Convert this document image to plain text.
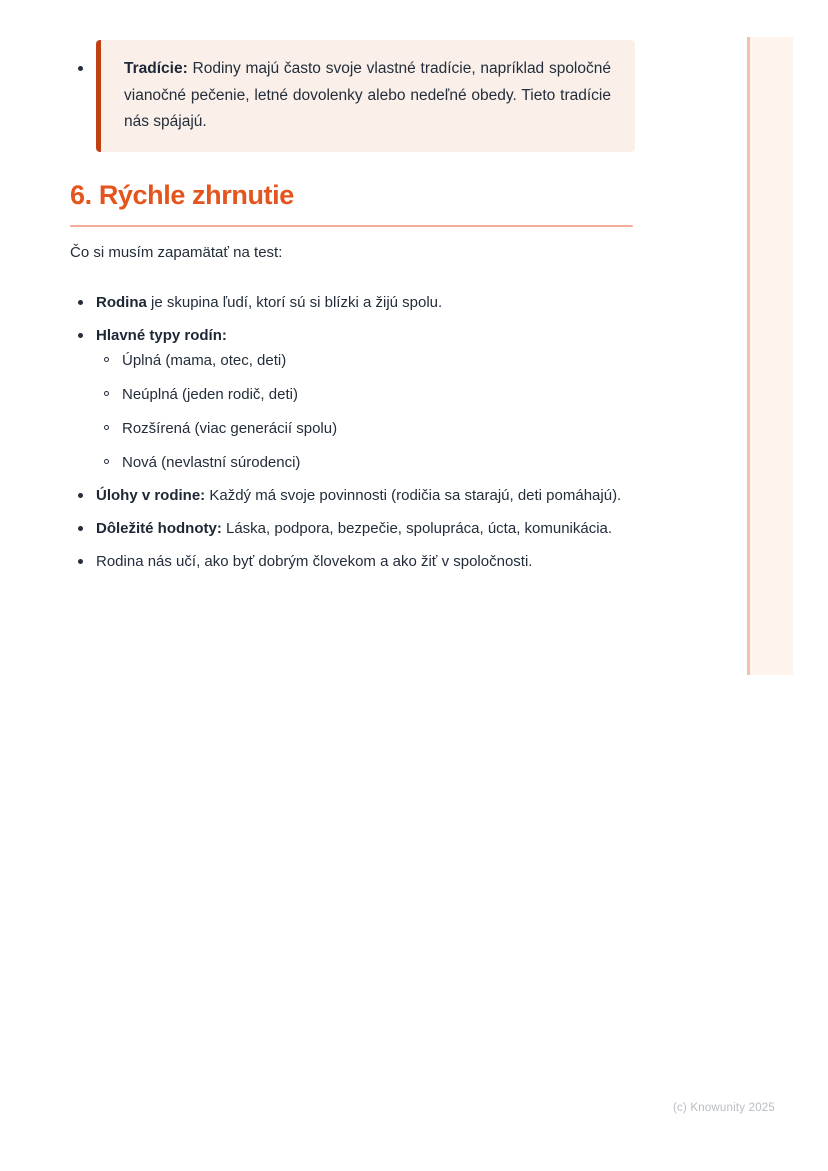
Tradície: Rodiny majú často svoje vlastné tradície, napríklad spoločné vianočné pečenie, letné dovolenky alebo nedeľné obedy. Tieto tradície nás spájajú.
6. Rýchle zhrnutie

Čo si musím zapamätať na test:

Rodina je skupina ľudí, ktorí sú si blízki a žijú spolu.
Hlavné typy rodín:
Úplná (mama, otec, deti)
Neúplná (jeden rodič, deti)
Rozšírená (viac generácií spolu)
Nová (nevlastní súrodenci)
Úlohy v rodine: Každý má svoje povinnosti (rodičia sa starajú, deti pomáhajú).
Dôležité hodnoty: Láska, podpora, bezpečie, spolupráca, úcta, komunikácia.
Rodina nás učí, ako byť dobrým človekom a ako žiť v spoločnosti.
(c) Knowunity 2025
